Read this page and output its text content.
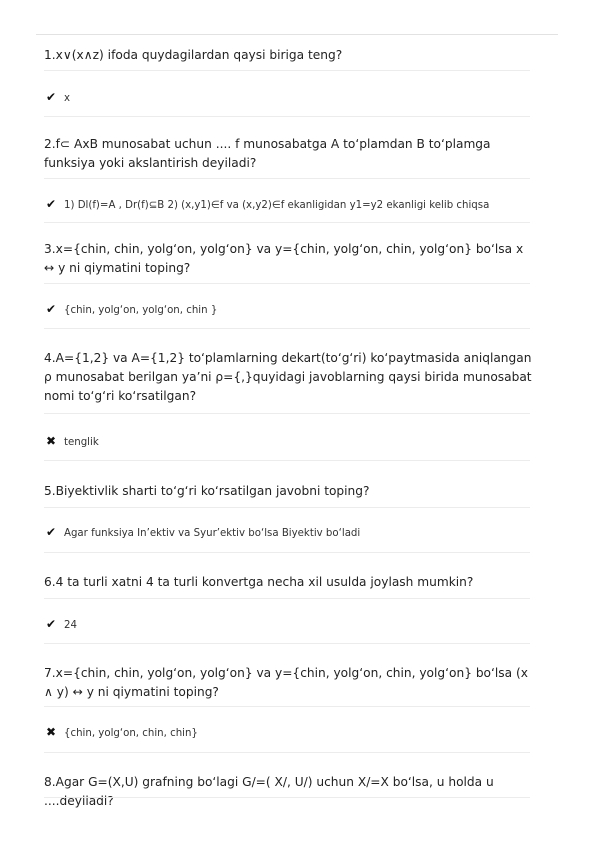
1.x∨(x∧z) ifoda quydagilardan qaysi biriga teng?
✔ x
2.f⊂ AxB munosabat uchun .... f munosabatga A to‘plamdan B to‘plamga funksiya yoki akslantirish deyiladi?
✔ 1) Dl(f)=A , Dr(f)⊆B 2) (x,y1)∈f va (x,y2)∈f ekanligidan y1=y2 ekanligi kelib chiqsa
3.x={chin, chin, yolg‘on, yolg‘on} va y={chin, yolg‘on, chin, yolg‘on} bo‘lsa x ↔ y ni qiymatini toping?
✔ {chin, yolg‘on, yolg‘on, chin }
4.A={1,2} va A={1,2} to‘plamlarning dekart(to‘g‘ri) ko‘paytmasida aniqlangan ρ munosabat berilgan ya’ni ρ={,}quyidagi javoblarning qaysi birida munosabat nomi to‘g‘ri ko‘rsatilgan?
✖ tenglik
5.Biyektivlik sharti to‘g‘ri ko‘rsatilgan javobni toping?
✔ Agar funksiya In’ektiv va Syur’ektiv bo‘lsa Biyektiv bo‘ladi
6.4 ta turli xatni 4 ta turli konvertga necha xil usulda joylash mumkin?
✔ 24
7.x={chin, chin, yolg‘on, yolg‘on} va y={chin, yolg‘on, chin, yolg‘on} bo‘lsa (x ∧ y) ↔ y ni qiymatini toping?
✖ {chin, yolg‘on, chin, chin}
8.Agar G=(X,U) grafning bo‘lagi G/=( X/, U/) uchun X/=X bo‘lsa, u holda u ....deyiladi?
